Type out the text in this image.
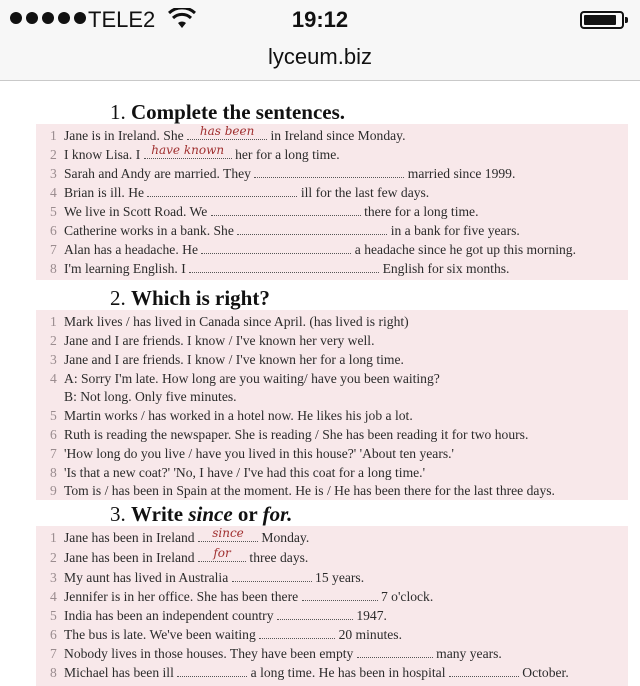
TELE2	19:12
lyceum.biz
1. Complete the sentences.
1 Jane is in Ireland. She	has been	in Ireland since Monday.
2 I know Lisa. I have known her for a long time.
3 Sarah and Andy are married. They	married since 1999.
4 Brian is ill. He	ill for the last few days.
5 We live in Scott Road. We	there for a long time.
6 Catherine works in a bank. She	in a bank for five years.
7 Alan has a headache. He	a headache since he got up this morning.
8 I'm learning English. I	English for six months.
2. Which is right?
1 Mark lives / has lived in Canada since April. (has lived is right)
2 Jane and I are friends. I know / I've known her very well.
3 Jane and I are friends. I know / I've known her for a long time.
4 A: Sorry I'm late. How long are you waiting/ have you been waiting?
B: Not long. Only five minutes.
5 Martin works / has worked in a hotel now. He likes his job a lot.
6 Ruth is reading the newspaper. She is reading / She has been reading it for two hours.
7 'How long do you live / have you lived in this house?' 'About ten years.'
8 'Is that a new coat?' 'No, I have / I've had this coat for a long time.'
9 Tom is / has been in Spain at the moment. He is / He has been there for the last three days.
3. Write since or for.
1 Jane has been in Ireland	since	Monday.
2 Jane has been in Ireland	for	three days.
3 My aunt has lived in Australia	15 years.
4 Jennifer is in her office. She has been there	7 o'clock.
5 India has been an independent country	1947.
6 The bus is late. We've been waiting	20 minutes.
7 Nobody lives in those houses. They have been empty	many years.
8 Michael has been ill	a long time. He has been in hospital	October.
